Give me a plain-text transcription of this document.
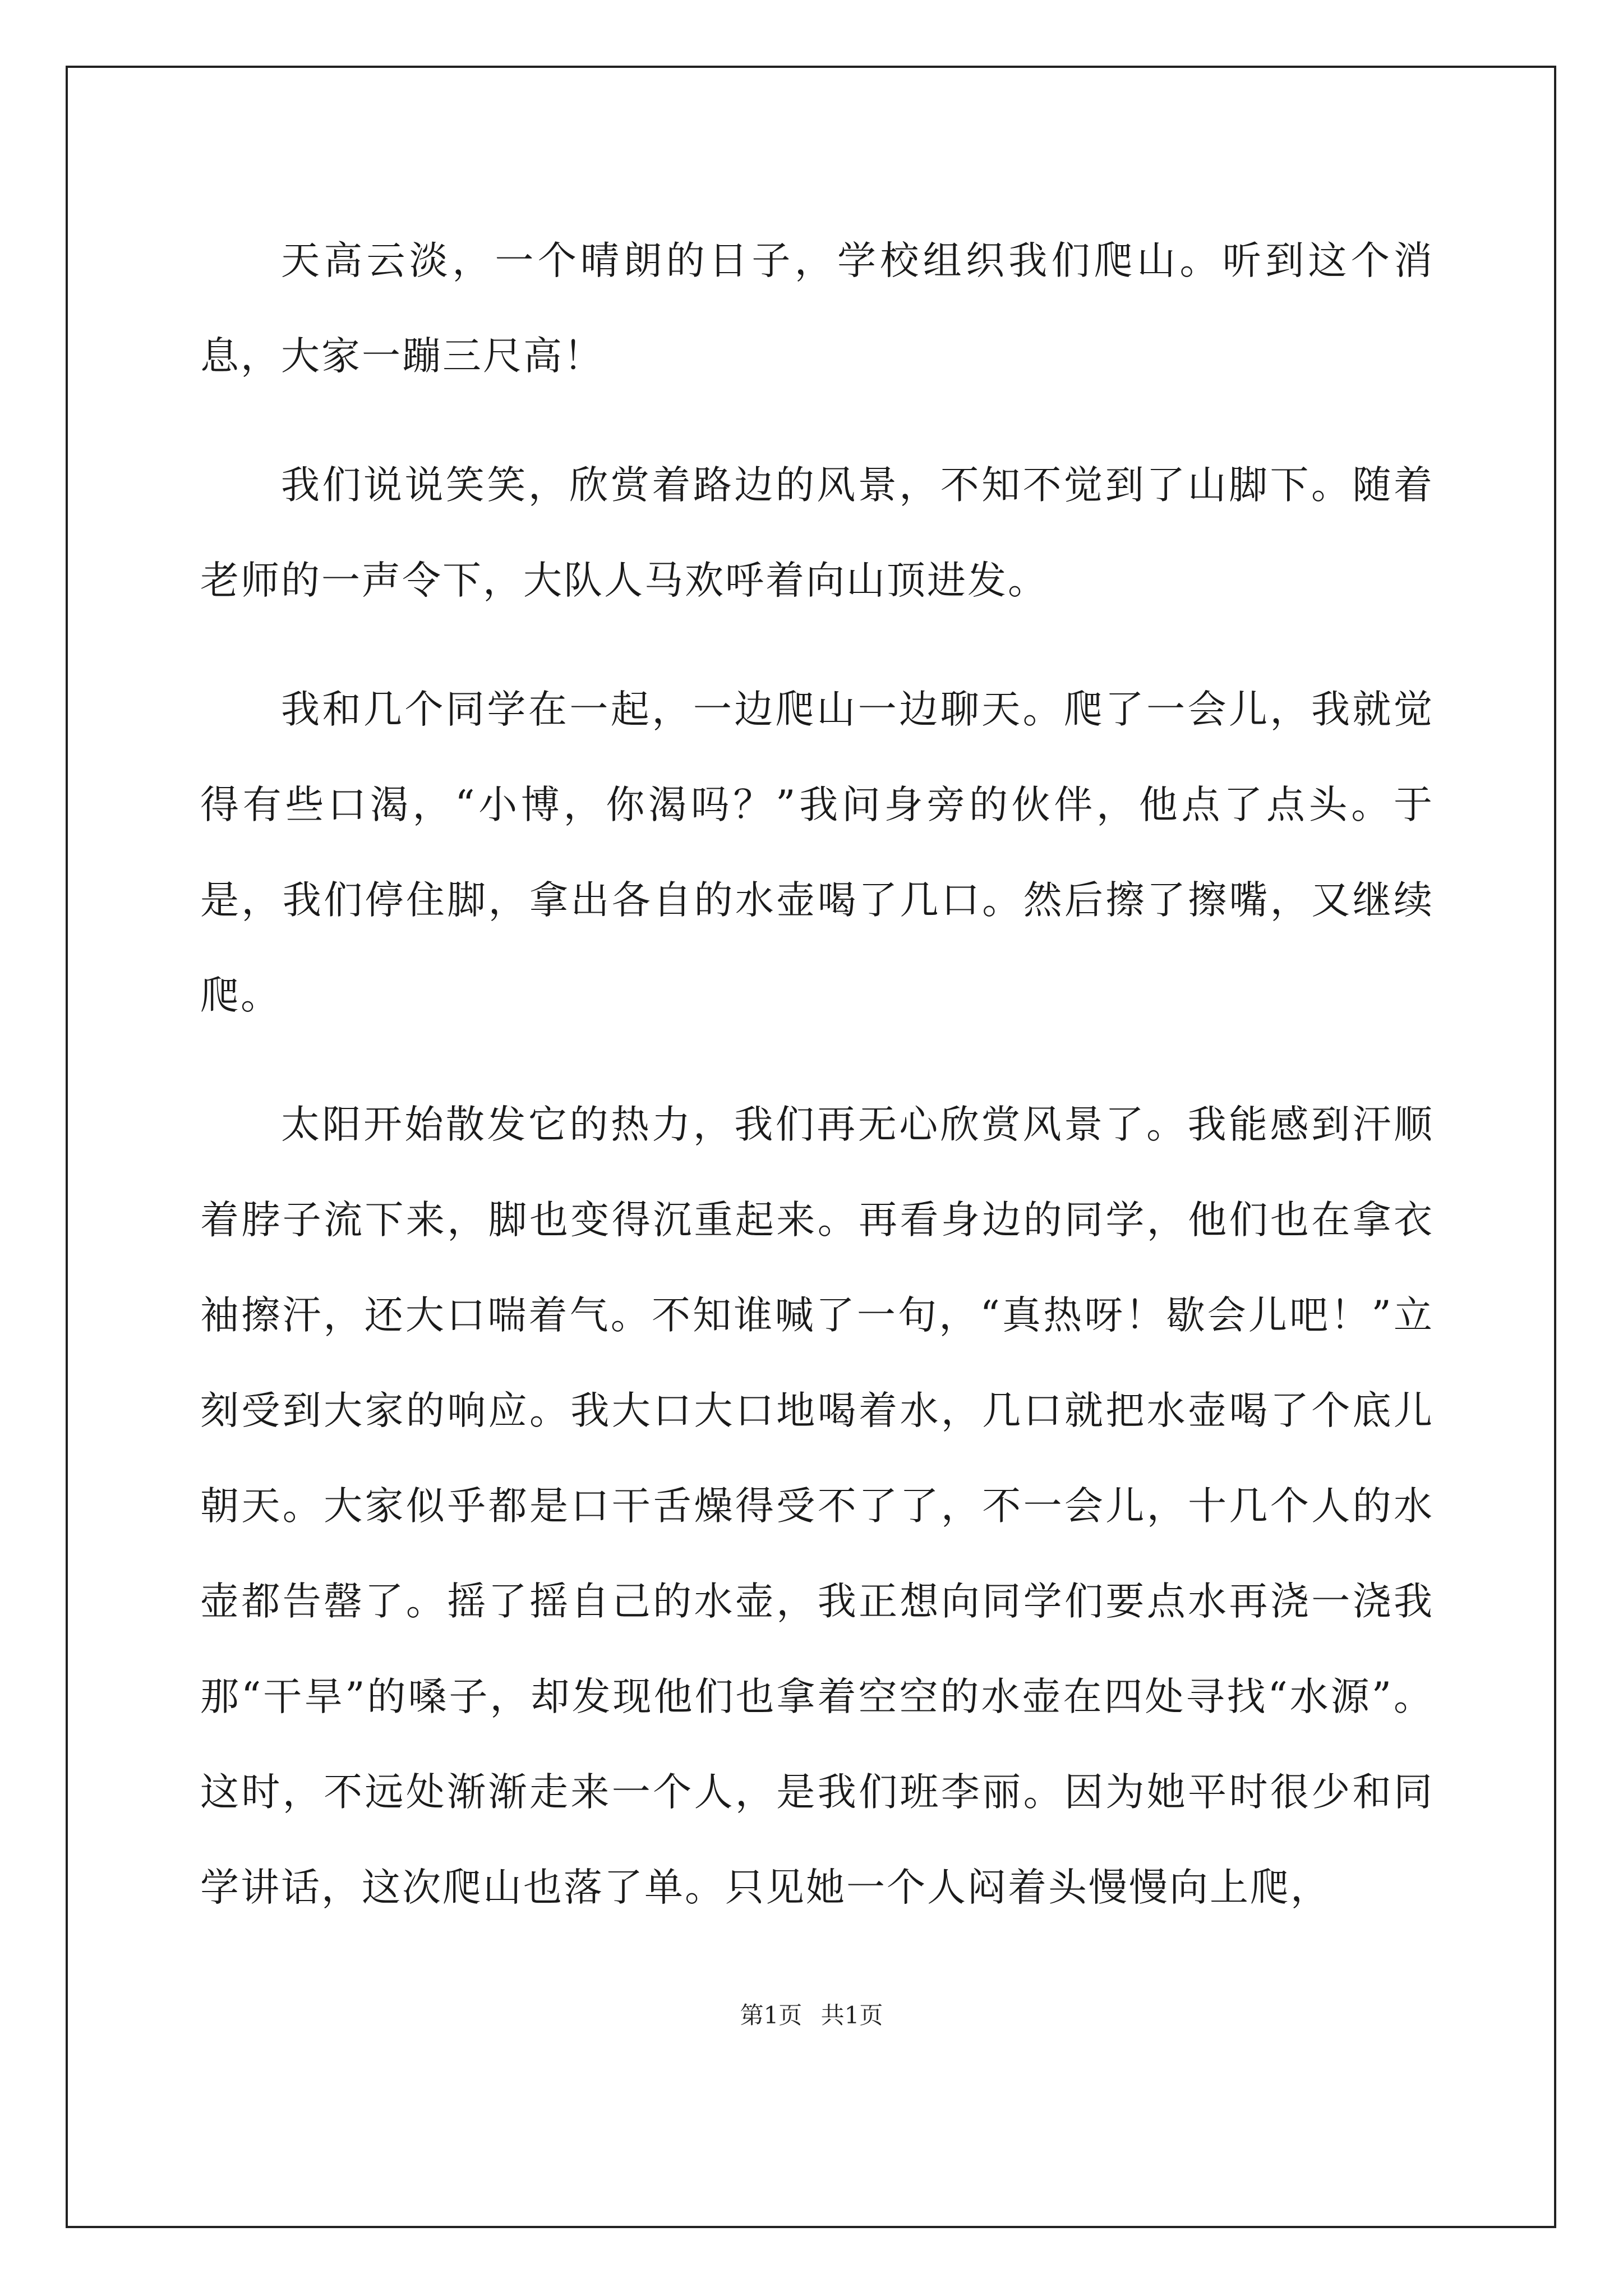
天高云淡，一个晴朗的日子，学校组织我们爬山。听到这个消息，大家一蹦三尺高！

我们说说笑笑，欣赏着路边的风景，不知不觉到了山脚下。随着老师的一声令下，大队人马欢呼着向山顶进发。

我和几个同学在一起，一边爬山一边聊天。爬了一会儿，我就觉得有些口渴，“小博，你渴吗？”我问身旁的伙伴，他点了点头。于是，我们停住脚，拿出各自的水壶喝了几口。然后擦了擦嘴，又继续爬。

太阳开始散发它的热力，我们再无心欣赏风景了。我能感到汗顺着脖子流下来，脚也变得沉重起来。再看身边的同学，他们也在拿衣袖擦汗，还大口喘着气。不知谁喊了一句，“真热呀！歇会儿吧！”立刻受到大家的响应。我大口大口地喝着水，几口就把水壶喝了个底儿朝天。大家似乎都是口干舌燥得受不了了，不一会儿，十几个人的水壶都告罄了。摇了摇自己的水壶，我正想向同学们要点水再浇一浇我那“干旱”的嗓子，却发现他们也拿着空空的水壶在四处寻找“水源”。这时，不远处渐渐走来一个人，是我们班李丽。因为她平时很少和同学讲话，这次爬山也落了单。只见她一个人闷着头慢慢向上爬，

第1页 共1页
